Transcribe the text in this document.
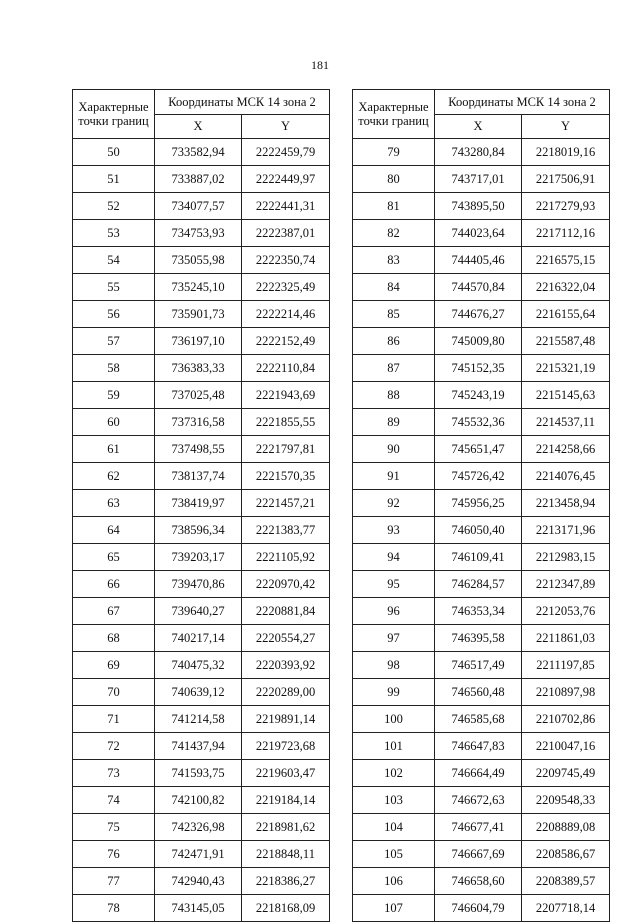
181
Характерные
точки границ	Координаты МСК 14 зона 2	
	X	Y
50	733582,94	2222459,79
51	733887,02	2222449,97
52	734077,57	2222441,31
53	734753,93	2222387,01
54	735055,98	2222350,74
55	735245,10	2222325,49
56	735901,73	2222214,46
57	736197,10	2222152,49
58	736383,33	2222110,84
59	737025,48	2221943,69
60	737316,58	2221855,55
61	737498,55	2221797,81
62	738137,74	2221570,35
63	738419,97	2221457,21
64	738596,34	2221383,77
65	739203,17	2221105,92
66	739470,86	2220970,42
67	739640,27	2220881,84
68	740217,14	2220554,27
69	740475,32	2220393,92
70	740639,12	2220289,00
71	741214,58	2219891,14
72	741437,94	2219723,68
73	741593,75	2219603,47
74	742100,82	2219184,14
75	742326,98	2218981,62
76	742471,91	2218848,11
77	742940,43	2218386,27
78	743145,05	2218168,09
Характерные
точки границ	Координаты МСК 14 зона 2	
	X	Y
79	743280,84	2218019,16
80	743717,01	2217506,91
81	743895,50	2217279,93
82	744023,64	2217112,16
83	744405,46	2216575,15
84	744570,84	2216322,04
85	744676,27	2216155,64
86	745009,80	2215587,48
87	745152,35	2215321,19
88	745243,19	2215145,63
89	745532,36	2214537,11
90	745651,47	2214258,66
91	745726,42	2214076,45
92	745956,25	2213458,94
93	746050,40	2213171,96
94	746109,41	2212983,15
95	746284,57	2212347,89
96	746353,34	2212053,76
97	746395,58	2211861,03
98	746517,49	2211197,85
99	746560,48	2210897,98
100	746585,68	2210702,86
101	746647,83	2210047,16
102	746664,49	2209745,49
103	746672,63	2209548,33
104	746677,41	2208889,08
105	746667,69	2208586,67
106	746658,60	2208389,57
107	746604,79	2207718,14
